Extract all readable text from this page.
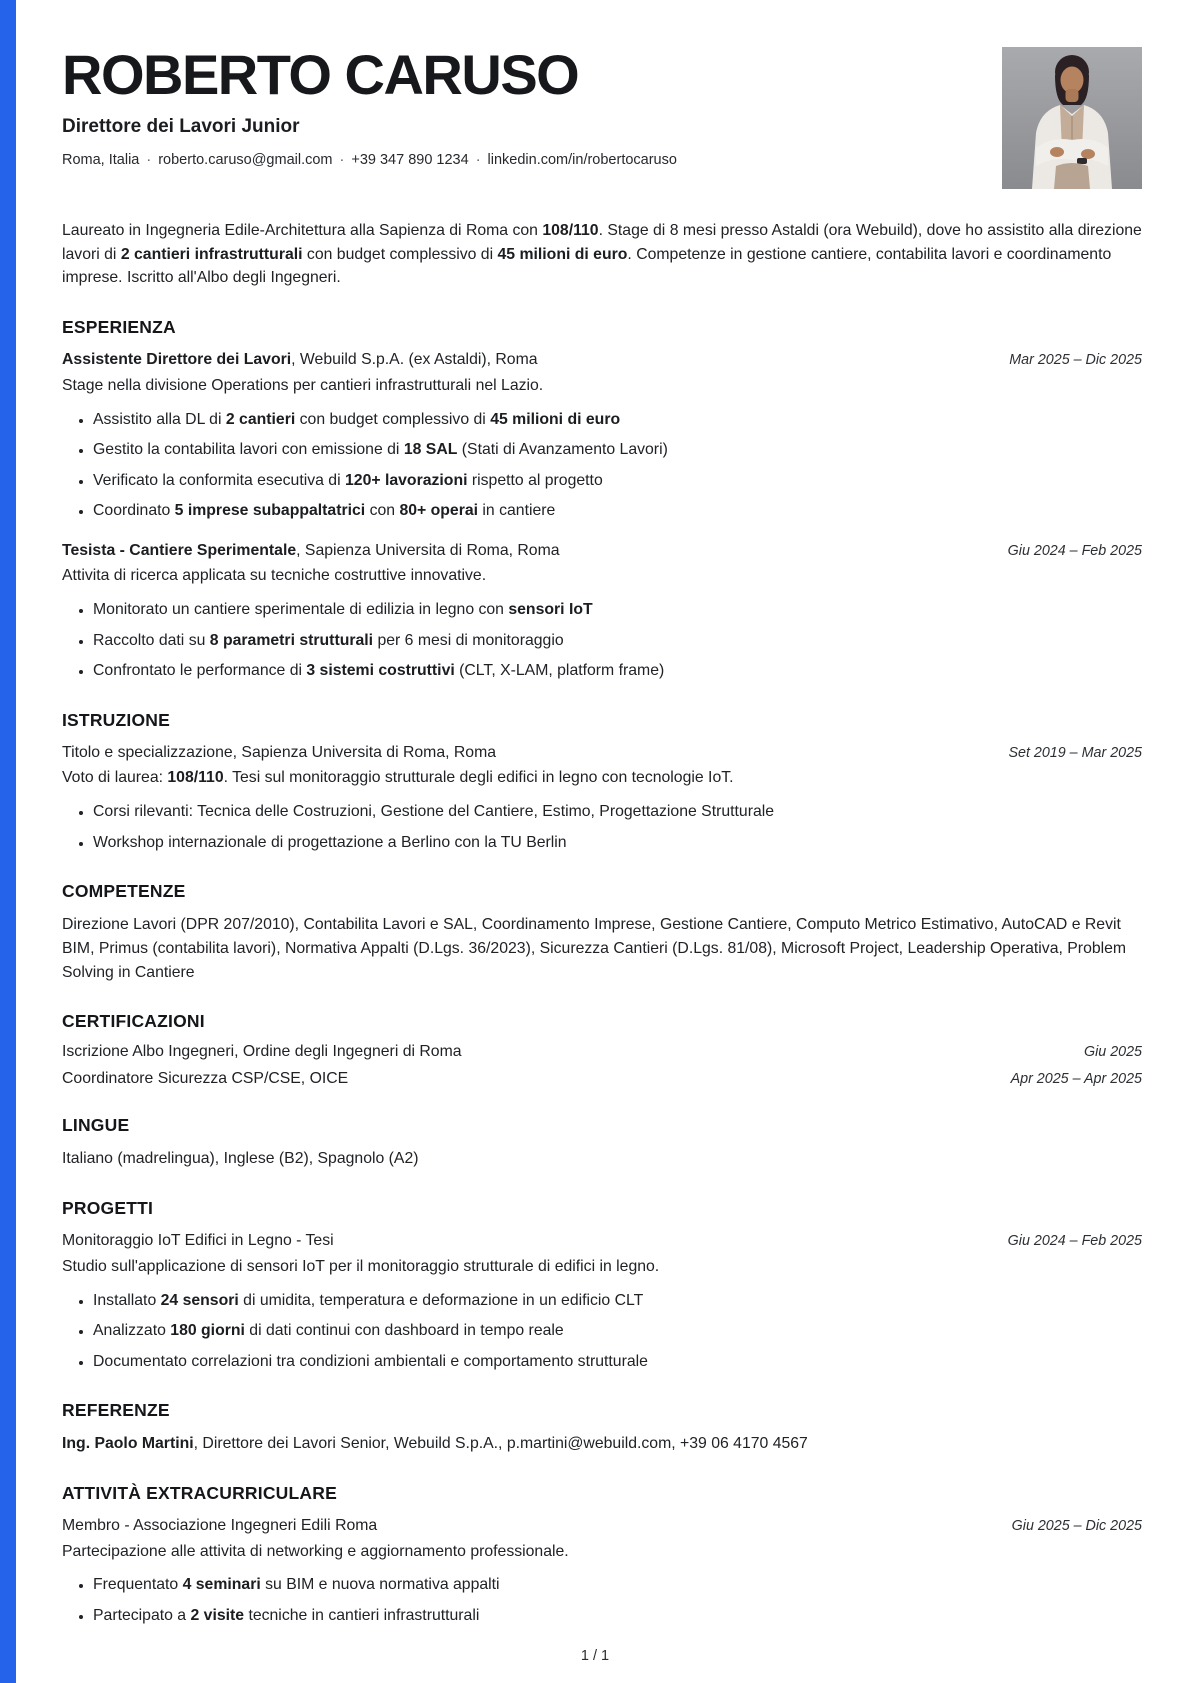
ROBERTO CARUSO
Direttore dei Lavori Junior
Roma, Italia · roberto.caruso@gmail.com · +39 347 890 1234 · linkedin.com/in/robertocaruso

Laureato in Ingegneria Edile-Architettura alla Sapienza di Roma con 108/110. Stage di 8 mesi presso Astaldi (ora Webuild), dove ho assistito alla direzione lavori di 2 cantieri infrastrutturali con budget complessivo di 45 milioni di euro. Competenze in gestione cantiere, contabilita lavori e coordinamento imprese. Iscritto all'Albo degli Ingegneri.

ESPERIENZA
Assistente Direttore dei Lavori, Webuild S.p.A. (ex Astaldi), Roma	Mar 2025 – Dic 2025
Stage nella divisione Operations per cantieri infrastrutturali nel Lazio.
• Assistito alla DL di 2 cantieri con budget complessivo di 45 milioni di euro
• Gestito la contabilita lavori con emissione di 18 SAL (Stati di Avanzamento Lavori)
• Verificato la conformita esecutiva di 120+ lavorazioni rispetto al progetto
• Coordinato 5 imprese subappaltatrici con 80+ operai in cantiere
Tesista - Cantiere Sperimentale, Sapienza Universita di Roma, Roma	Giu 2024 – Feb 2025
Attivita di ricerca applicata su tecniche costruttive innovative.
• Monitorato un cantiere sperimentale di edilizia in legno con sensori IoT
• Raccolto dati su 8 parametri strutturali per 6 mesi di monitoraggio
• Confrontato le performance di 3 sistemi costruttivi (CLT, X-LAM, platform frame)
ISTRUZIONE
Titolo e specializzazione, Sapienza Universita di Roma, Roma	Set 2019 – Mar 2025
Voto di laurea: 108/110. Tesi sul monitoraggio strutturale degli edifici in legno con tecnologie IoT.
• Corsi rilevanti: Tecnica delle Costruzioni, Gestione del Cantiere, Estimo, Progettazione Strutturale
• Workshop internazionale di progettazione a Berlino con la TU Berlin
COMPETENZE

Direzione Lavori (DPR 207/2010), Contabilita Lavori e SAL, Coordinamento Imprese, Gestione Cantiere, Computo Metrico Estimativo, AutoCAD e Revit BIM, Primus (contabilita lavori), Normativa Appalti (D.Lgs. 36/2023), Sicurezza Cantieri (D.Lgs. 81/08), Microsoft Project, Leadership Operativa, Problem Solving in Cantiere

CERTIFICAZIONI
Iscrizione Albo Ingegneri, Ordine degli Ingegneri di Roma	Giu 2025
Coordinatore Sicurezza CSP/CSE, OICE	Apr 2025 – Apr 2025
LINGUE

Italiano (madrelingua), Inglese (B2), Spagnolo (A2)

PROGETTI
Monitoraggio IoT Edifici in Legno - Tesi	Giu 2024 – Feb 2025
Studio sull'applicazione di sensori IoT per il monitoraggio strutturale di edifici in legno.
• Installato 24 sensori di umidita, temperatura e deformazione in un edificio CLT
• Analizzato 180 giorni di dati continui con dashboard in tempo reale
• Documentato correlazioni tra condizioni ambientali e comportamento strutturale
REFERENZE

Ing. Paolo Martini, Direttore dei Lavori Senior, Webuild S.p.A., p.martini@webuild.com, +39 06 4170 4567

ATTIVITÀ EXTRACURRICULARE
Membro - Associazione Ingegneri Edili Roma	Giu 2025 – Dic 2025
Partecipazione alle attivita di networking e aggiornamento professionale.
• Frequentato 4 seminari su BIM e nuova normativa appalti
• Partecipato a 2 visite tecniche in cantieri infrastrutturali
1 / 1
